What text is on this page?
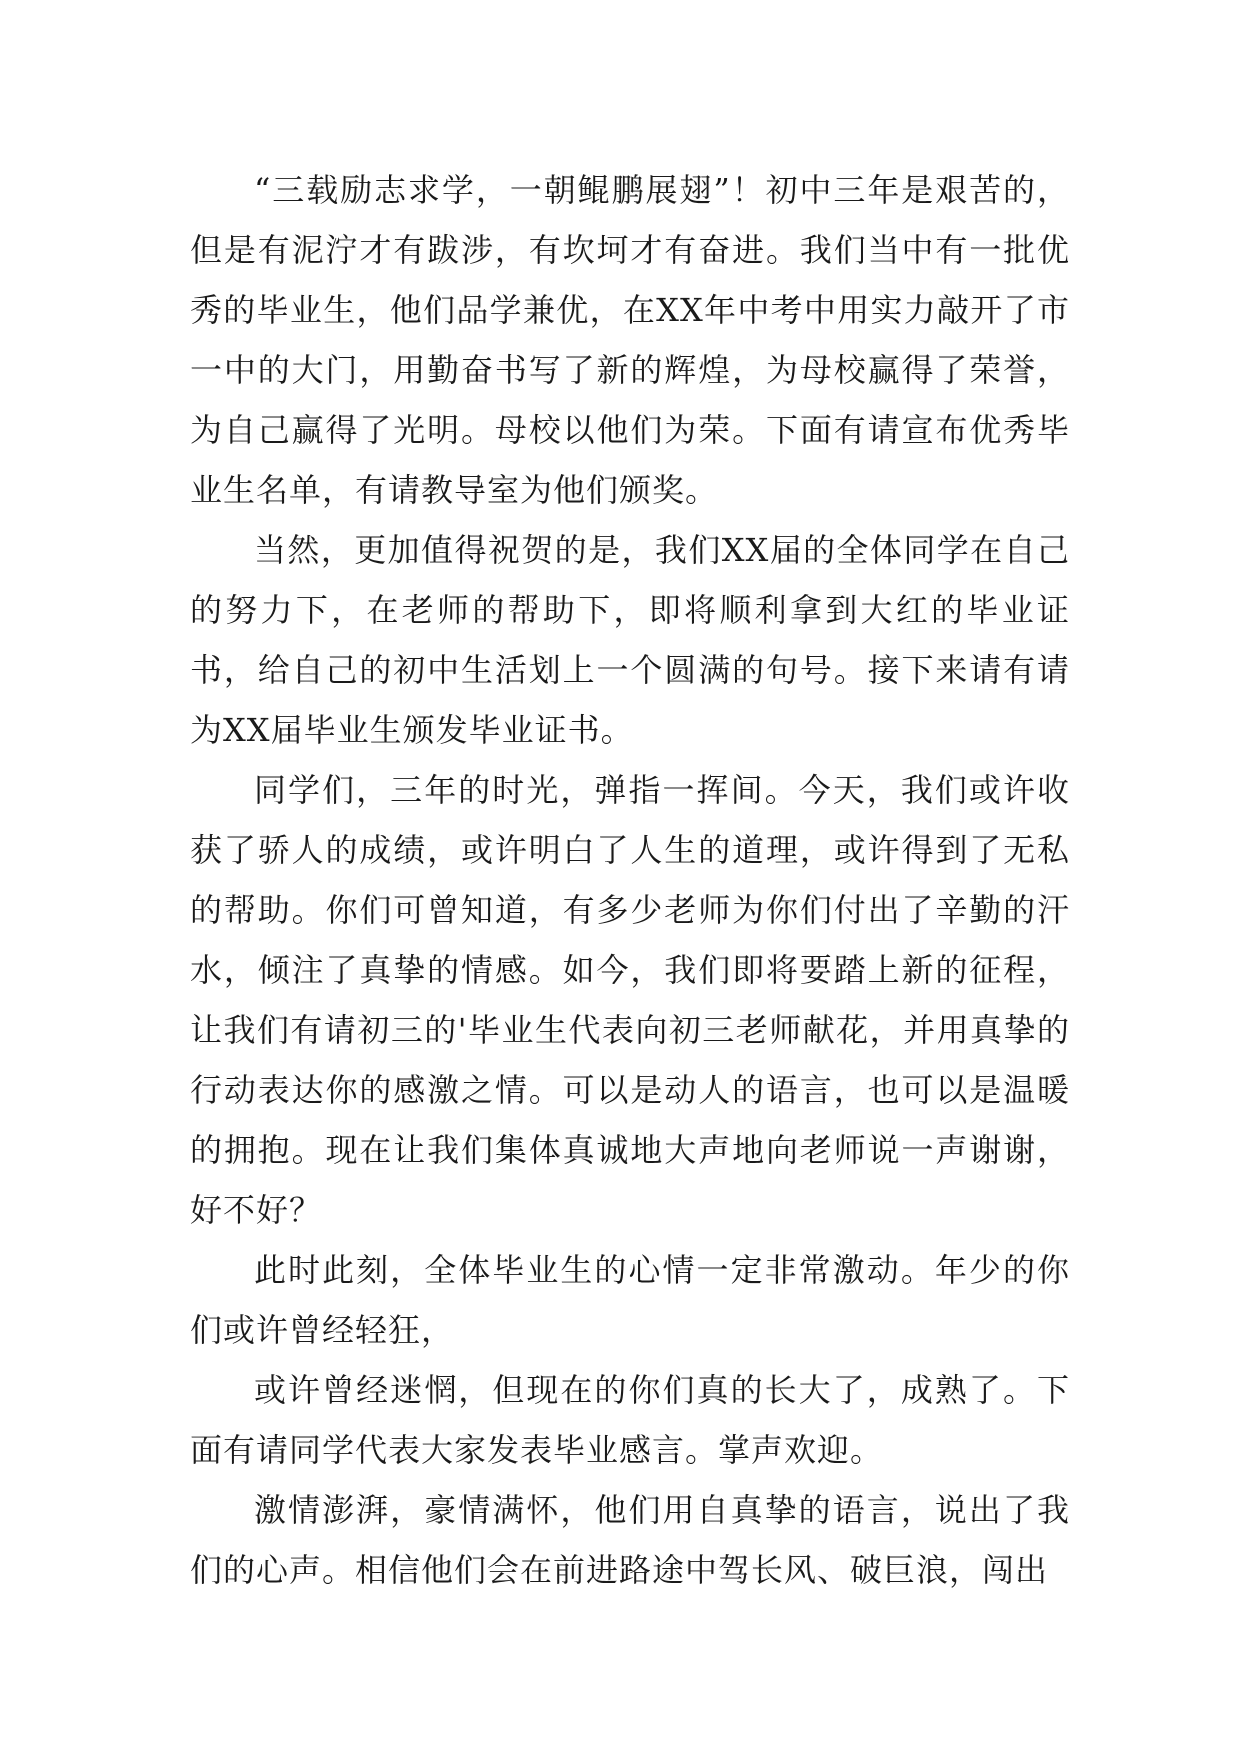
“三载励志求学，一朝鲲鹏展翅”！初中三年是艰苦的，但是有泥泞才有跋涉，有坎坷才有奋进。我们当中有一批优秀的毕业生，他们品学兼优，在XX年中考中用实力敲开了市一中的大门，用勤奋书写了新的辉煌，为母校赢得了荣誉，为自己赢得了光明。母校以他们为荣。下面有请宣布优秀毕业生名单，有请教导室为他们颁奖。

当然，更加值得祝贺的是，我们XX届的全体同学在自己的努力下，在老师的帮助下，即将顺利拿到大红的毕业证书，给自己的初中生活划上一个圆满的句号。接下来请有请为XX届毕业生颁发毕业证书。

同学们，三年的时光，弹指一挥间。今天，我们或许收获了骄人的成绩，或许明白了人生的道理，或许得到了无私的帮助。你们可曾知道，有多少老师为你们付出了辛勤的汗水，倾注了真挚的情感。如今，我们即将要踏上新的征程，让我们有请初三的'毕业生代表向初三老师献花，并用真挚的行动表达你的感激之情。可以是动人的语言，也可以是温暖的拥抱。现在让我们集体真诚地大声地向老师说一声谢谢，好不好？

此时此刻，全体毕业生的心情一定非常激动。年少的你们或许曾经轻狂，

或许曾经迷惘，但现在的你们真的长大了，成熟了。下面有请同学代表大家发表毕业感言。掌声欢迎。

激情澎湃，豪情满怀，他们用自真挚的语言，说出了我们的心声。相信他们会在前进路途中驾长风、破巨浪，闯出
